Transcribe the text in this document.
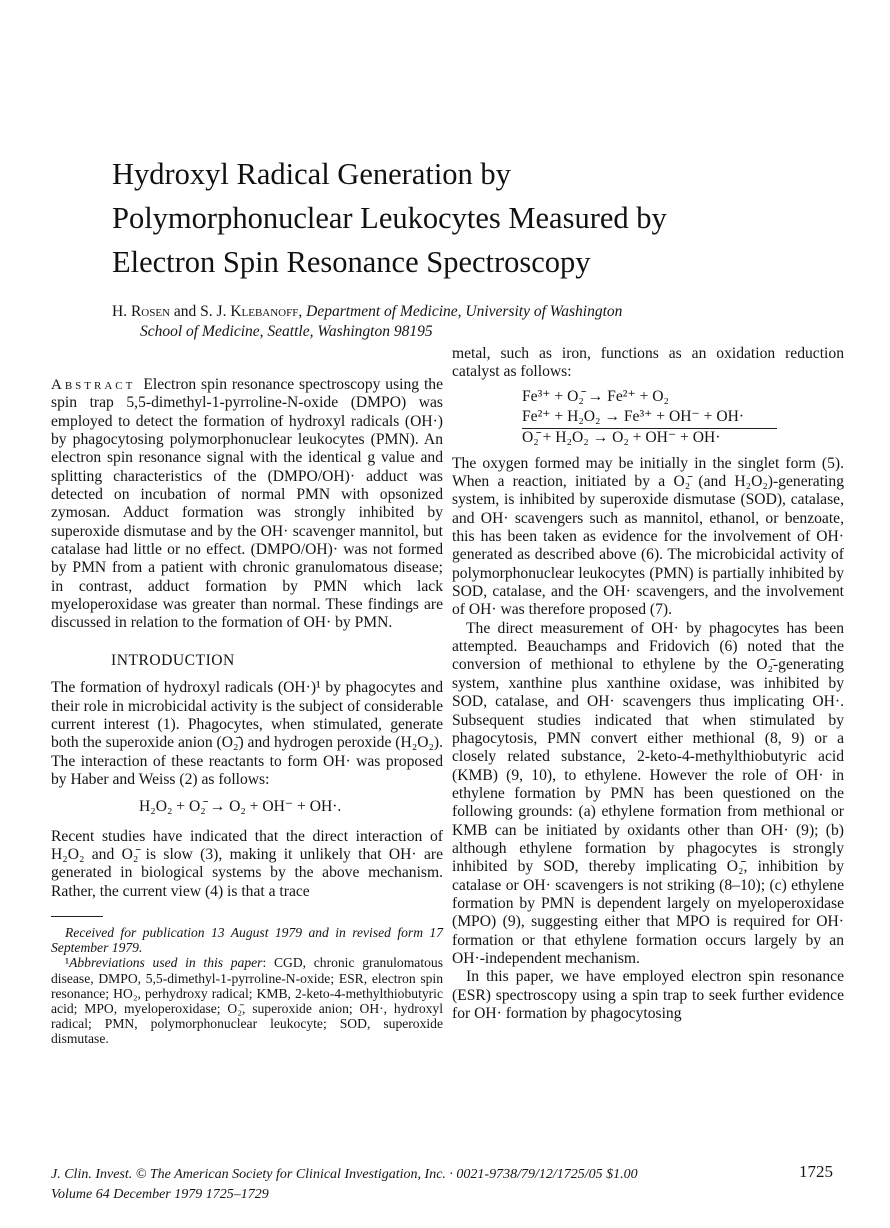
Hydroxyl Radical Generation by
Polymorphonuclear Leukocytes Measured by
Electron Spin Resonance Spectroscopy
H. Rosen and S. J. Klebanoff, Department of Medicine, University of Washington
School of Medicine, Seattle, Washington 98195

Abstract Electron spin resonance spectroscopy using the spin trap 5,5-dimethyl-1-pyrroline-N-oxide (DMPO) was employed to detect the formation of hydroxyl radicals (OH·) by phagocytosing polymorphonuclear leukocytes (PMN). An electron spin resonance signal with the identical g value and splitting characteristics of the (DMPO/OH)· adduct was detected on incubation of normal PMN with opsonized zymosan. Adduct formation was strongly inhibited by superoxide dismutase and by the OH· scavenger mannitol, but catalase had little or no effect. (DMPO/OH)· was not formed by PMN from a patient with chronic granulomatous disease; in contrast, adduct formation by PMN which lack myeloperoxidase was greater than normal. These findings are discussed in relation to the formation of OH· by PMN.

INTRODUCTION

The formation of hydroxyl radicals (OH·)¹ by phagocytes and their role in microbicidal activity is the subject of considerable current interest (1). Phagocytes, when stimulated, generate both the superoxide anion (O₂̄) and hydrogen peroxide (H₂O₂). The interaction of these reactants to form OH· was proposed by Haber and Weiss (2) as follows:

H₂O₂ + O₂̄ → O₂ + OH⁻ + OH·.

Recent studies have indicated that the direct interaction of H₂O₂ and O₂̄ is slow (3), making it unlikely that OH· are generated in biological systems by the above mechanism. Rather, the current view (4) is that a trace

Received for publication 13 August 1979 and in revised form 17 September 1979.

¹Abbreviations used in this paper: CGD, chronic granulomatous disease, DMPO, 5,5-dimethyl-1-pyrroline-N-oxide; ESR, electron spin resonance; HO₂, perhydroxy radical; KMB, 2-keto-4-methylthiobutyric acid; MPO, myeloperoxidase; O₂̄, superoxide anion; OH·, hydroxyl radical; PMN, polymorphonuclear leukocyte; SOD, superoxide dismutase.

metal, such as iron, functions as an oxidation reduction catalyst as follows:

Fe³⁺ + O₂̄ → Fe²⁺ + O₂
Fe²⁺ + H₂O₂ → Fe³⁺ + OH⁻ + OH·
O₂̄ + H₂O₂ → O₂ + OH⁻ + OH·

The oxygen formed may be initially in the singlet form (5). When a reaction, initiated by a O₂̄ (and H₂O₂)-generating system, is inhibited by superoxide dismutase (SOD), catalase, and OH· scavengers such as mannitol, ethanol, or benzoate, this has been taken as evidence for the involvement of OH· generated as described above (6). The microbicidal activity of polymorphonuclear leukocytes (PMN) is partially inhibited by SOD, catalase, and the OH· scavengers, and the involvement of OH· was therefore proposed (7).

The direct measurement of OH· by phagocytes has been attempted. Beauchamps and Fridovich (6) noted that the conversion of methional to ethylene by the O₂̄-generating system, xanthine plus xanthine oxidase, was inhibited by SOD, catalase, and OH· scavengers thus implicating OH·. Subsequent studies indicated that when stimulated by phagocytosis, PMN convert either methional (8, 9) or a closely related substance, 2-keto-4-methylthiobutyric acid (KMB) (9, 10), to ethylene. However the role of OH· in ethylene formation by PMN has been questioned on the following grounds: (a) ethylene formation from methional or KMB can be initiated by oxidants other than OH· (9); (b) although ethylene formation by phagocytes is strongly inhibited by SOD, thereby implicating O₂̄, inhibition by catalase or OH· scavengers is not striking (8–10); (c) ethylene formation by PMN is dependent largely on myeloperoxidase (MPO) (9), suggesting either that MPO is required for OH· formation or that ethylene formation occurs largely by an OH·-independent mechanism.

In this paper, we have employed electron spin resonance (ESR) spectroscopy using a spin trap to seek further evidence for OH· formation by phagocytosing

J. Clin. Invest. © The American Society for Clinical Investigation, Inc. · 0021-9738/79/12/1725/05 $1.00	1725
Volume 64 December 1979 1725–1729
